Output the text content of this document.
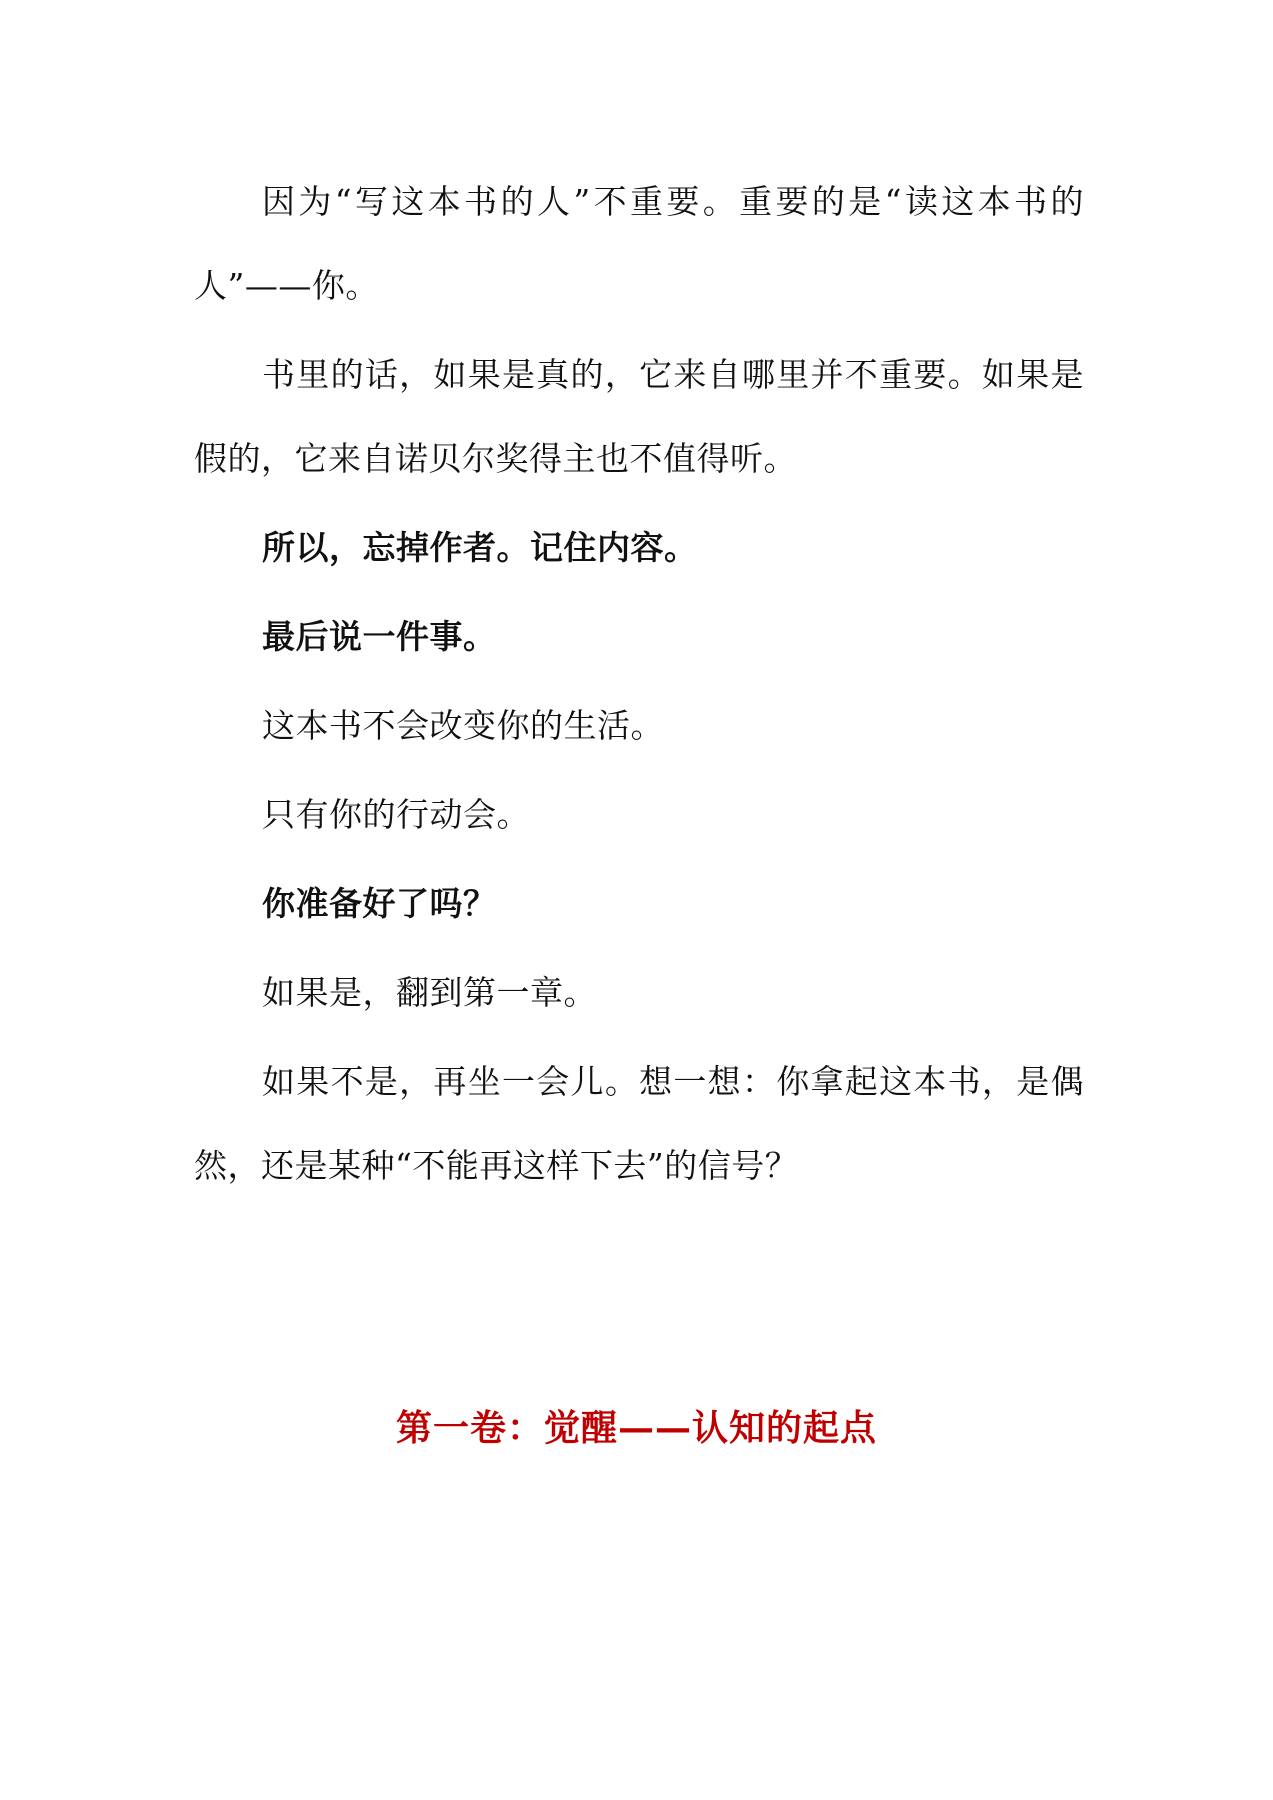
因为“写这本书的人”不重要。重要的是“读这本书的人”——你。

书里的话，如果是真的，它来自哪里并不重要。如果是假的，它来自诺贝尔奖得主也不值得听。

所以，忘掉作者。记住内容。

最后说一件事。

这本书不会改变你的生活。

只有你的行动会。

你准备好了吗？

如果是，翻到第一章。

如果不是，再坐一会儿。想一想：你拿起这本书，是偶然，还是某种“不能再这样下去”的信号？

第一卷：觉醒——认知的起点
